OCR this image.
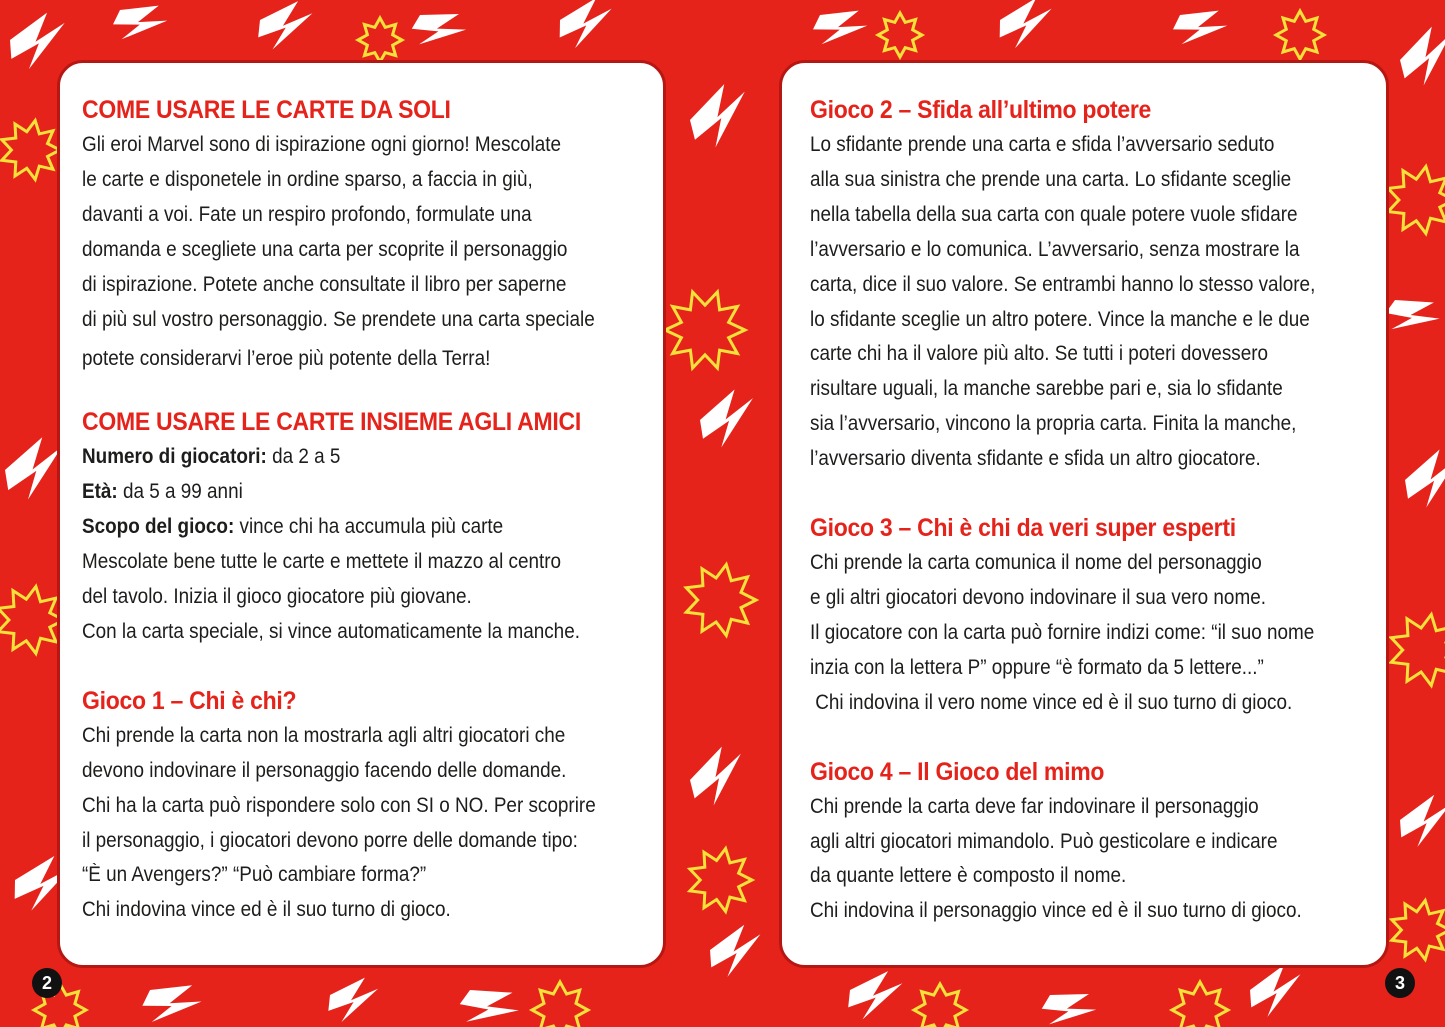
COME USARE LE CARTE DA SOLI
Gli eroi Marvel sono di ispirazione ogni giorno! Mescolate
le carte e disponetele in ordine sparso, a faccia in giù,
davanti a voi. Fate un respiro profondo, formulate una
domanda e scegliete una carta per scoprite il personaggio
di ispirazione. Potete anche consultate il libro per saperne
di più sul vostro personaggio. Se prendete una carta speciale
potete considerarvi l’eroe più potente della Terra!
COME USARE LE CARTE INSIEME AGLI AMICI
Numero di giocatori: da 2 a 5
Età: da 5 a 99 anni
Scopo del gioco: vince chi ha accumula più carte
Mescolate bene tutte le carte e mettete il mazzo al centro
del tavolo. Inizia il gioco giocatore più giovane.
Con la carta speciale, si vince automaticamente la manche.
Gioco 1 – Chi è chi?
Chi prende la carta non la mostrarla agli altri giocatori che
devono indovinare il personaggio facendo delle domande.
Chi ha la carta può rispondere solo con SI o NO. Per scoprire
il personaggio, i giocatori devono porre delle domande tipo:
“È un Avengers?” “Può cambiare forma?”
Chi indovina vince ed è il suo turno di gioco.
Gioco 2 – Sfida all’ultimo potere
Lo sfidante prende una carta e sfida l’avversario seduto
alla sua sinistra che prende una carta. Lo sfidante sceglie
nella tabella della sua carta con quale potere vuole sfidare
l’avversario e lo comunica. L’avversario, senza mostrare la
carta, dice il suo valore. Se entrambi hanno lo stesso valore,
lo sfidante sceglie un altro potere. Vince la manche e le due
carte chi ha il valore più alto. Se tutti i poteri dovessero
risultare uguali, la manche sarebbe pari e, sia lo sfidante
sia l’avversario, vincono la propria carta. Finita la manche,
l’avversario diventa sfidante e sfida un altro giocatore.
Gioco 3 – Chi è chi da veri super esperti
Chi prende la carta comunica il nome del personaggio
e gli altri giocatori devono indovinare il sua vero nome.
Il giocatore con la carta può fornire indizi come: “il suo nome
inzia con la lettera P” oppure “è formato da 5 lettere...”
Chi indovina il vero nome vince ed è il suo turno di gioco.
Gioco 4 – Il Gioco del mimo
Chi prende la carta deve far indovinare il personaggio
agli altri giocatori mimandolo. Può gesticolare e indicare
da quante lettere è composto il nome.
Chi indovina il personaggio vince ed è il suo turno di gioco.
2	3
